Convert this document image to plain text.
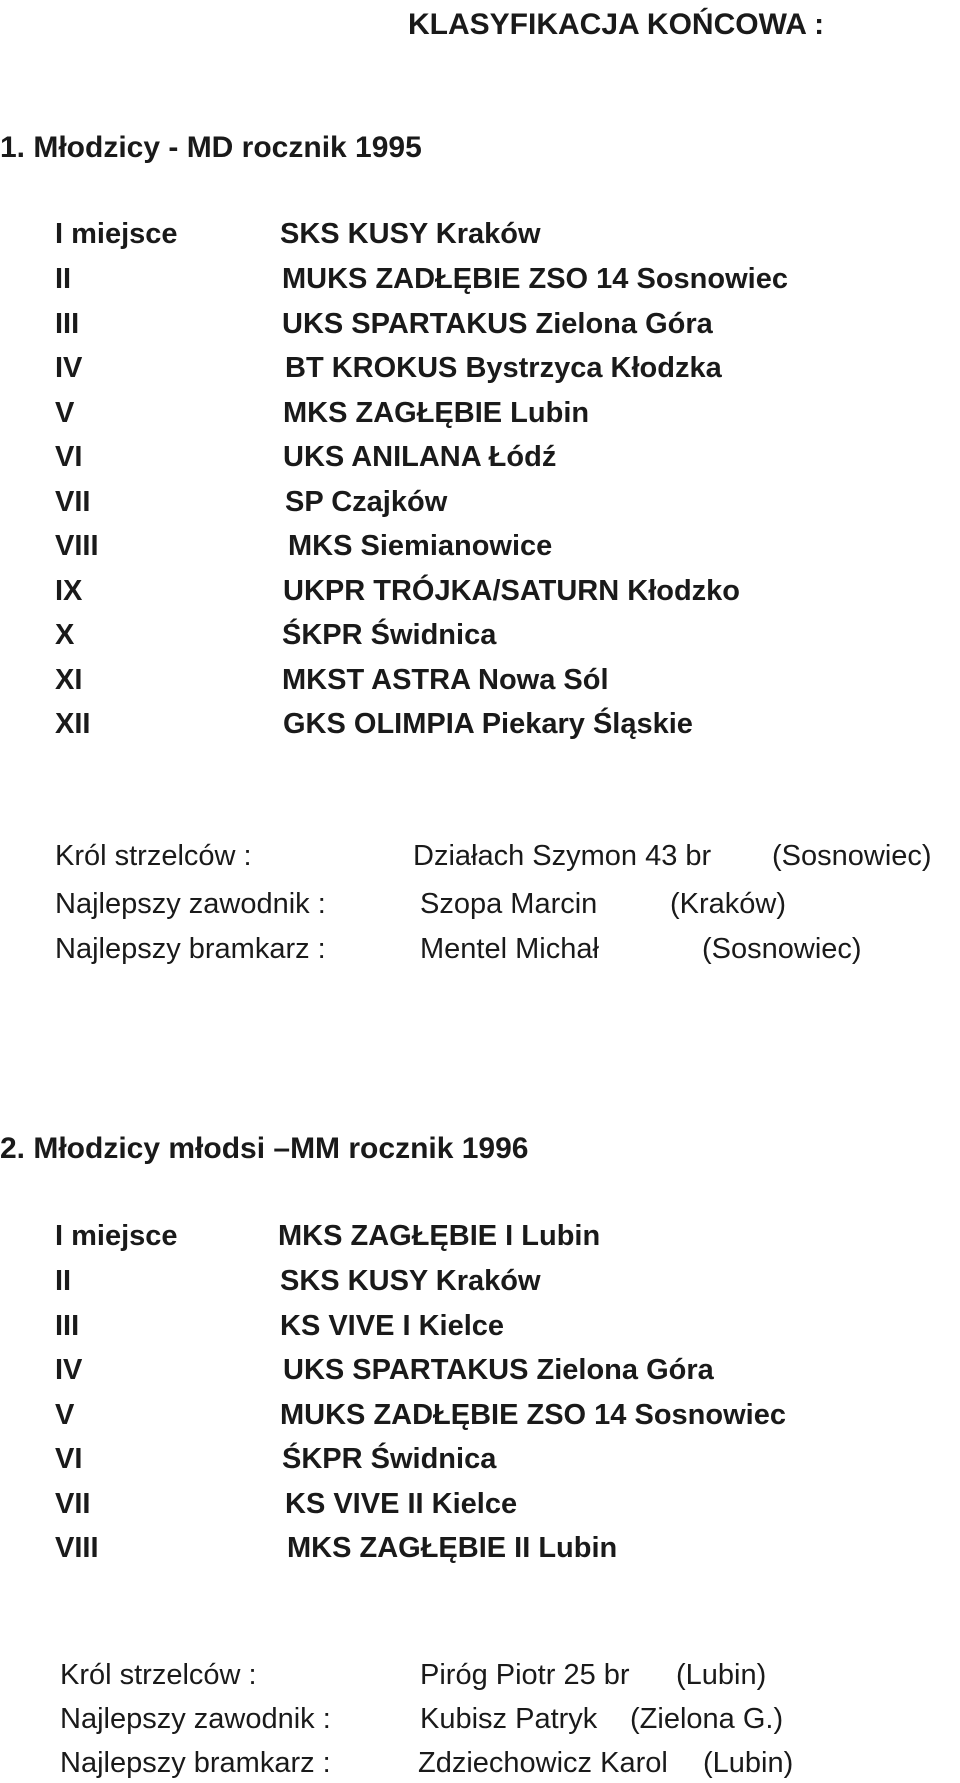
KLASYFIKACJA KOŃCOWA :
1. Młodzicy - MD rocznik 1995
I miejsce	SKS KUSY Kraków
II	MUKS ZADŁĘBIE ZSO 14 Sosnowiec
III	UKS SPARTAKUS Zielona Góra
IV	BT KROKUS Bystrzyca Kłodzka
V	MKS ZAGŁĘBIE Lubin
VI	UKS ANILANA Łódź
VII	SP Czajków
VIII	MKS Siemianowice
IX	UKPR TRÓJKA/SATURN Kłodzko
X	ŚKPR Świdnica
XI	MKST ASTRA Nowa Sól
XII	GKS OLIMPIA Piekary Śląskie
Król strzelców :	Działach Szymon 43 br (Sosnowiec)
Najlepszy zawodnik :	Szopa Marcin	(Kraków)
Najlepszy bramkarz :	Mentel Michał	(Sosnowiec)
2. Młodzicy młodsi –MM rocznik 1996
I miejsce	MKS ZAGŁĘBIE I Lubin
II	SKS KUSY Kraków
III	KS VIVE I Kielce
IV	UKS SPARTAKUS Zielona Góra
V	MUKS ZADŁĘBIE ZSO 14 Sosnowiec
VI	ŚKPR Świdnica
VII	KS VIVE II Kielce
VIII	MKS ZAGŁĘBIE II Lubin
Król strzelców :	Piróg Piotr 25 br (Lubin)
Najlepszy zawodnik :	Kubisz Patryk (Zielona G.)
Najlepszy bramkarz :	Zdziechowicz Karol (Lubin)
